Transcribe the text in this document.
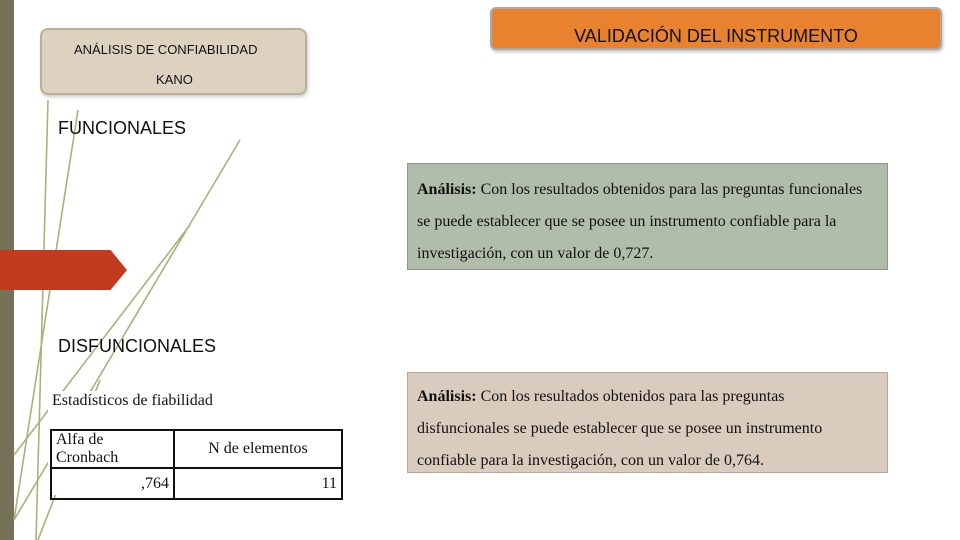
ANÁLISIS DE CONFIABILIDAD
KANO
VALIDACIÓN DEL INSTRUMENTO
FUNCIONALES
Análisis: Con los resultados obtenidos para las preguntas funcionales se puede establecer que se posee un instrumento confiable para la investigación, con un valor de 0,727.
DISFUNCIONALES
Análisis: Con los resultados obtenidos para las preguntas disfuncionales se puede establecer que se posee un instrumento confiable para la investigación, con un valor de 0,764.
Estadísticos de fiabilidad
Alfa de Cronbach	N de elementos
,764	11
